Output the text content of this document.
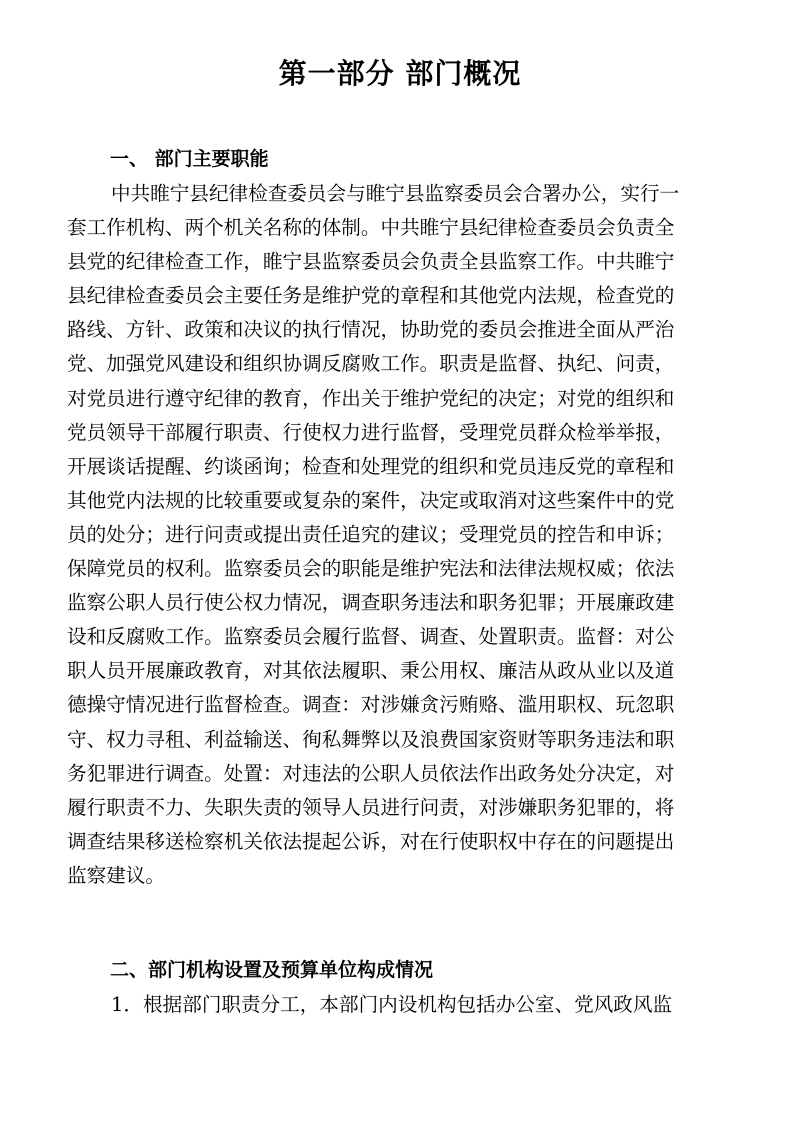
第一部分 部门概况
一、 部门主要职能
中共睢宁县纪律检查委员会与睢宁县监察委员会合署办公，实行一
套工作机构、两个机关名称的体制。中共睢宁县纪律检查委员会负责全
县党的纪律检查工作，睢宁县监察委员会负责全县监察工作。中共睢宁
县纪律检查委员会主要任务是维护党的章程和其他党内法规，检查党的
路线、方针、政策和决议的执行情况，协助党的委员会推进全面从严治
党、加强党风建设和组织协调反腐败工作。职责是监督、执纪、问责，
对党员进行遵守纪律的教育，作出关于维护党纪的决定；对党的组织和
党员领导干部履行职责、行使权力进行监督，受理党员群众检举举报，
开展谈话提醒、约谈函询；检查和处理党的组织和党员违反党的章程和
其他党内法规的比较重要或复杂的案件，决定或取消对这些案件中的党
员的处分；进行问责或提出责任追究的建议；受理党员的控告和申诉；
保障党员的权利。监察委员会的职能是维护宪法和法律法规权威；依法
监察公职人员行使公权力情况，调查职务违法和职务犯罪；开展廉政建
设和反腐败工作。监察委员会履行监督、调查、处置职责。监督：对公
职人员开展廉政教育，对其依法履职、秉公用权、廉洁从政从业以及道
德操守情况进行监督检查。调查：对涉嫌贪污贿赂、滥用职权、玩忽职
守、权力寻租、利益输送、徇私舞弊以及浪费国家资财等职务违法和职
务犯罪进行调查。处置：对违法的公职人员依法作出政务处分决定，对
履行职责不力、失职失责的领导人员进行问责，对涉嫌职务犯罪的，将
调查结果移送检察机关依法提起公诉，对在行使职权中存在的问题提出
监察建议。
二、部门机构设置及预算单位构成情况

1．根据部门职责分工，本部门内设机构包括办公室、党风政风监
